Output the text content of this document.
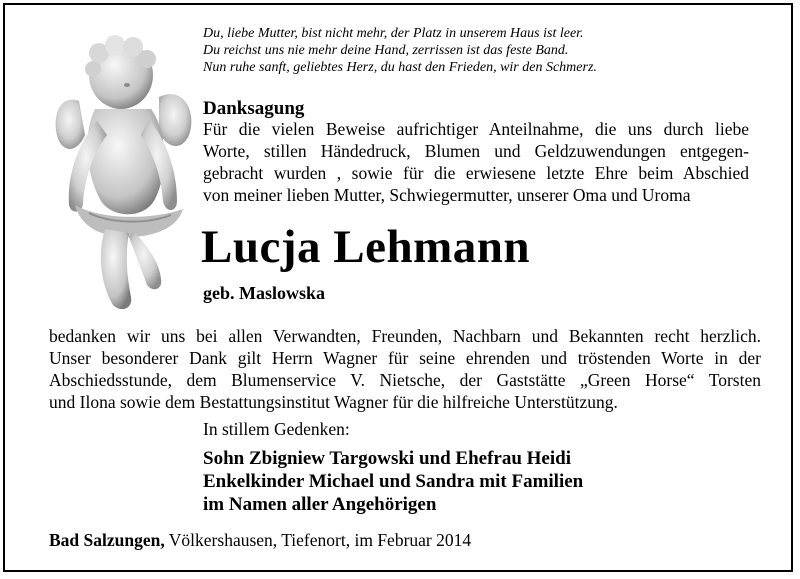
Du, liebe Mutter, bist nicht mehr, der Platz in unserem Haus ist leer.
Du reichst uns nie mehr deine Hand, zerrissen ist das feste Band.
Nun ruhe sanft, geliebtes Herz, du hast den Frieden, wir den Schmerz.
Danksagung
Für die vielen Beweise aufrichtiger Anteilnahme, die uns durch liebe
Worte, stillen Händedruck, Blumen und Geldzuwendungen entgegen-
gebracht wurden , sowie für die erwiesene letzte Ehre beim Abschied
von meiner lieben Mutter, Schwiegermutter, unserer Oma und Uroma
Lucja Lehmann
geb. Maslowska
bedanken wir uns bei allen Verwandten, Freunden, Nachbarn und Bekannten recht herzlich.
Unser besonderer Dank gilt Herrn Wagner für seine ehrenden und tröstenden Worte in der
Abschiedsstunde, dem Blumenservice V. Nietsche, der Gaststätte „Green Horse“ Torsten
und Ilona sowie dem Bestattungsinstitut Wagner für die hilfreiche Unterstützung.
In stillem Gedenken:
Sohn Zbigniew Targowski und Ehefrau Heidi
Enkelkinder Michael und Sandra mit Familien
im Namen aller Angehörigen
Bad Salzungen, Völkershausen, Tiefenort, im Februar 2014
